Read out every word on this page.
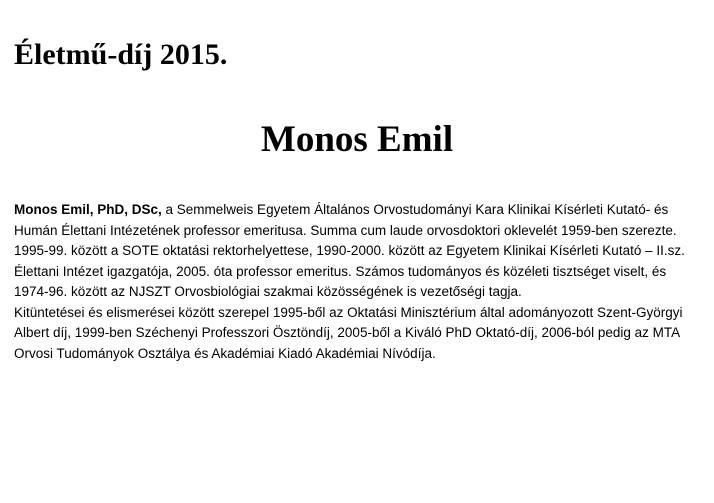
Életmű-díj 2015.
Monos Emil

Monos Emil, PhD, DSc, a Semmelweis Egyetem Általános Orvostudományi Kara Klinikai Kísérleti Kutató- és Humán Élettani Intézetének professor emeritusa. Summa cum laude orvosdoktori oklevelét 1959-ben szerezte. 1995-99. között a SOTE oktatási rektorhelyettese, 1990-2000. között az Egyetem Klinikai Kísérleti Kutató – II.sz. Élettani Intézet igazgatója, 2005. óta professor emeritus. Számos tudományos és közéleti tisztséget viselt, és 1974-96. között az NJSZT Orvosbiológiai szakmai közösségének is vezetőségi tagja.

Kitüntetései és elismerései között szerepel 1995-ből az Oktatási Minisztérium által adományozott Szent-Györgyi Albert díj, 1999-ben Széchenyi Professzori Ösztöndíj, 2005-ből a Kiváló PhD Oktató-díj, 2006-ból pedig az MTA Orvosi Tudományok Osztálya és Akadémiai Kiadó Akadémiai Nívódíja.
